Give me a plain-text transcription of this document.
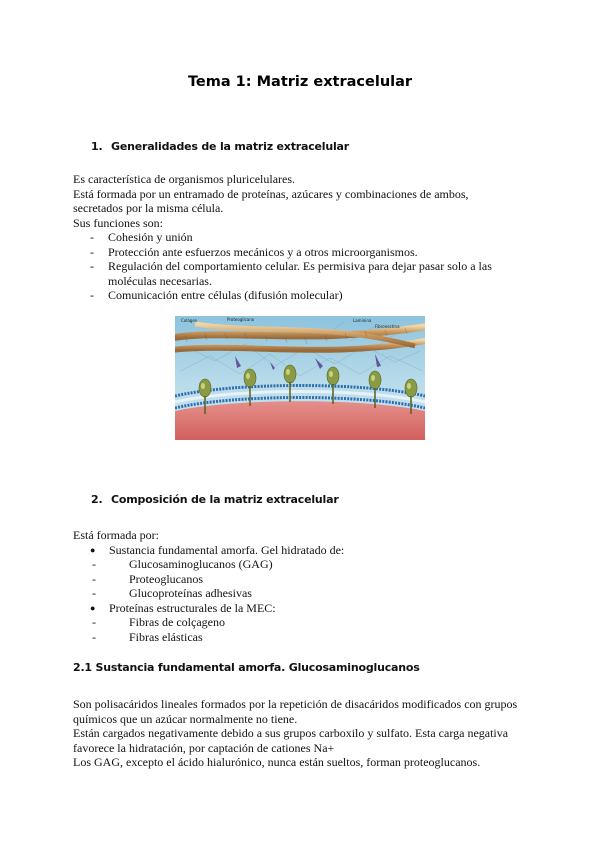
Tema 1: Matriz extracelular
1. Generalidades de la matriz extracelular

Es característica de organismos pluricelulares.

Está formada por un entramado de proteínas, azúcares y combinaciones de ambos,

secretados por la misma célula.

Sus funciones son:

- Cohesión y unión
- Protección ante esfuerzos mecánicos y a otros microorganismos.
- Regulación del comportamiento celular. Es permisiva para dejar pasar solo a las moléculas necesarias.
- Comunicación entre células (difusión molecular)
Colágen	Proteoglicano	Laminina
Fibronectina
2. Composición de la matriz extracelular

Está formada por:

● Sustancia fundamental amorfa. Gel hidratado de:
- Glucosaminoglucanos (GAG)
- Proteoglucanos
- Glucoproteínas adhesivas
● Proteínas estructurales de la MEC:
- Fibras de colçageno
- Fibras elásticas
2.1 Sustancia fundamental amorfa. Glucosaminoglucanos

Son polisacáridos lineales formados por la repetición de disacáridos modificados con grupos

químicos que un azúcar normalmente no tiene.

Están cargados negativamente debido a sus grupos carboxilo y sulfato. Esta carga negativa

favorece la hidratación, por captación de cationes Na+

Los GAG, excepto el ácido hialurónico, nunca están sueltos, forman proteoglucanos.
